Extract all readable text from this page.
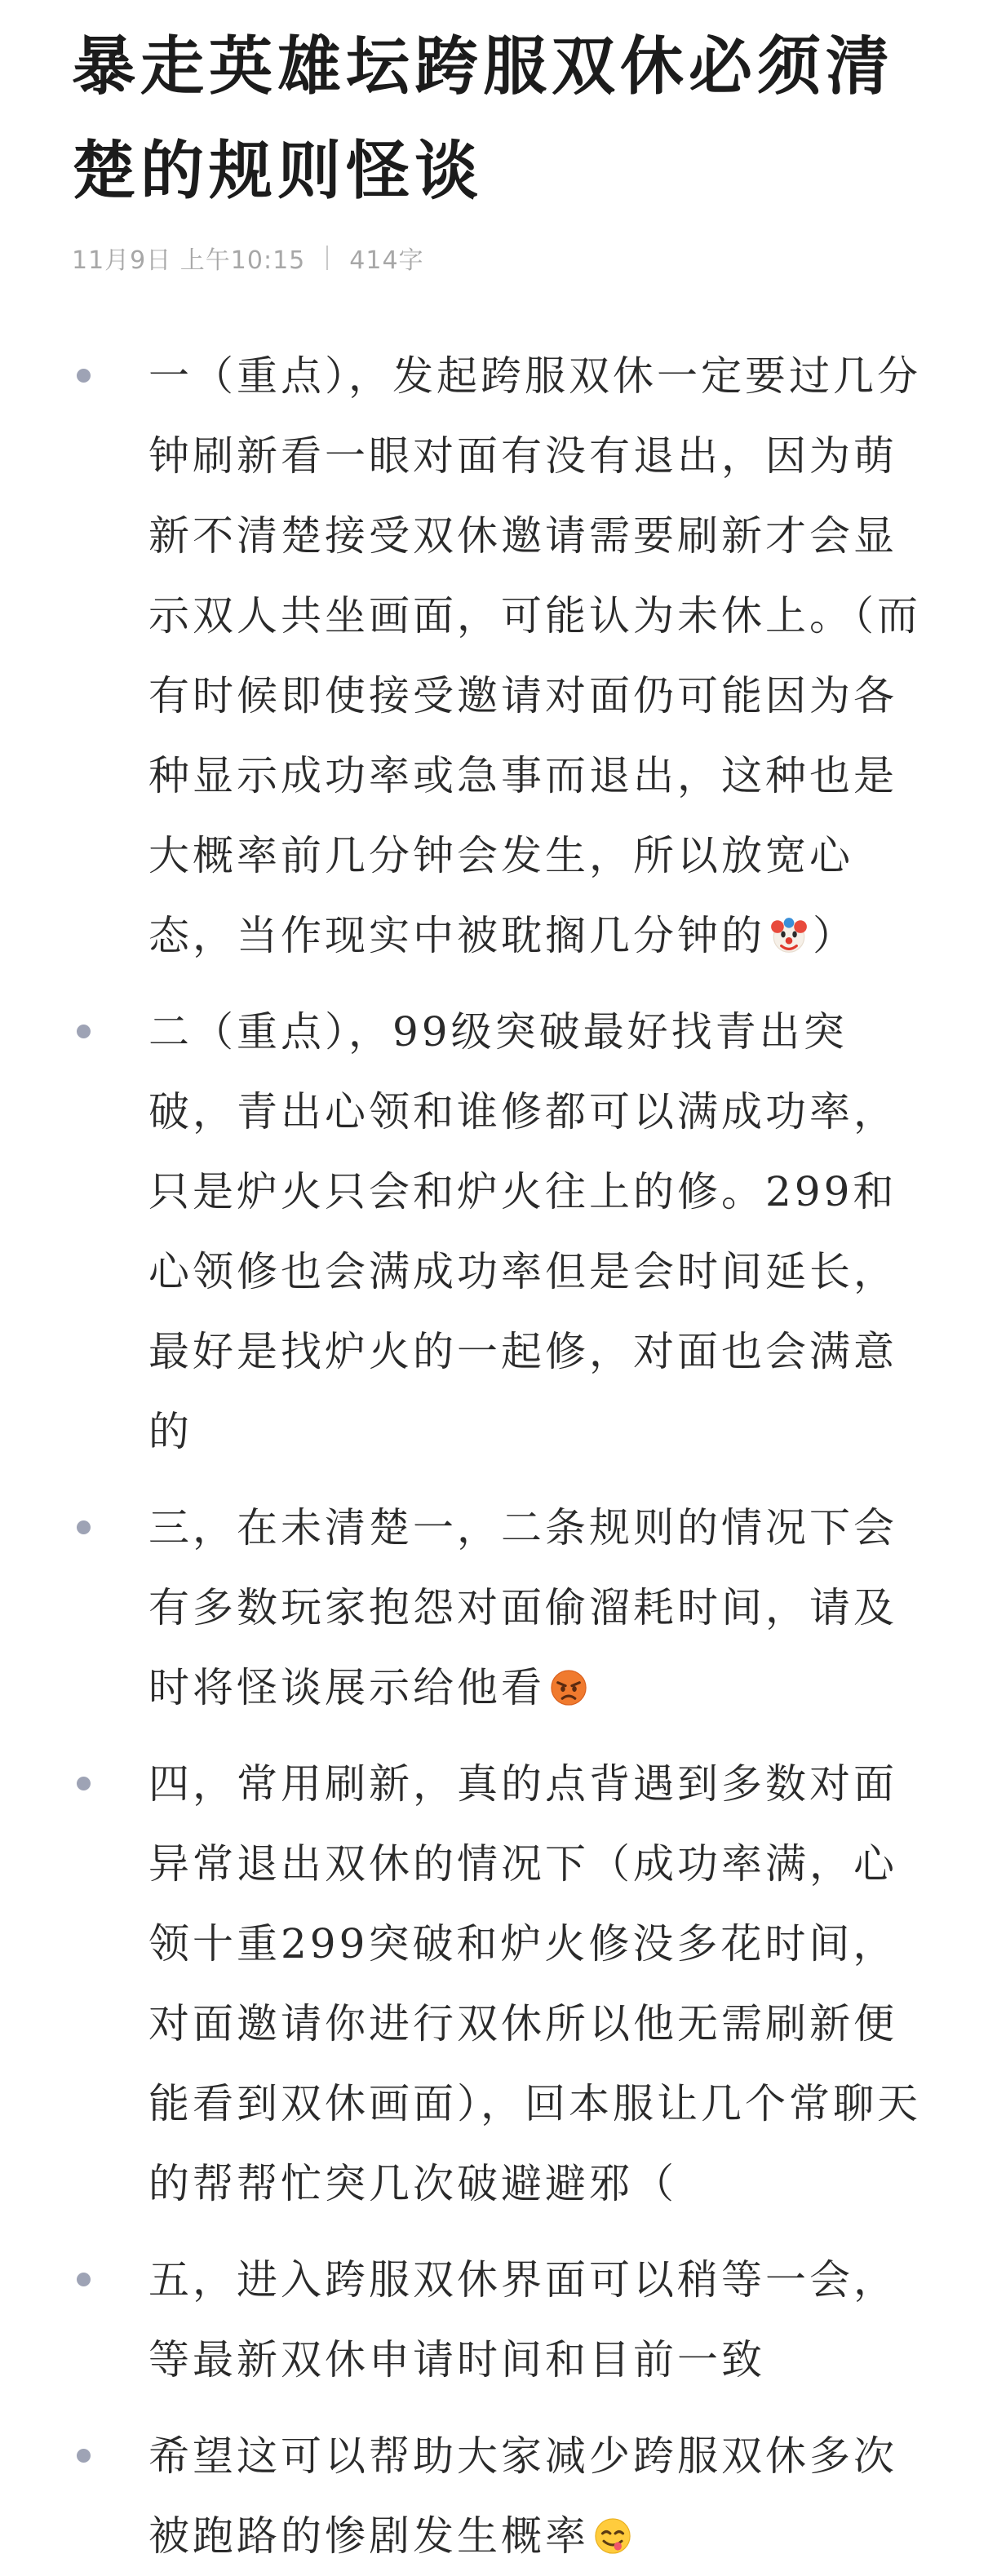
暴走英雄坛跨服双休必须清楚的规则怪谈
11月9日 上午10:15 414字
一（重点），发起跨服双休一定要过几分钟刷新看一眼对面有没有退出，因为萌新不清楚接受双休邀请需要刷新才会显示双人共坐画面，可能认为未休上。（而有时候即使接受邀请对面仍可能因为各种显示成功率或急事而退出，这种也是大概率前几分钟会发生，所以放宽心态，当作现实中被耽搁几分钟的 ）
二（重点），99级突破最好找青出突破，青出心领和谁修都可以满成功率，只是炉火只会和炉火往上的修。299和心领修也会满成功率但是会时间延长，最好是找炉火的一起修，对面也会满意的
三，在未清楚一，二条规则的情况下会有多数玩家抱怨对面偷溜耗时间，请及时将怪谈展示给他看
四，常用刷新，真的点背遇到多数对面异常退出双休的情况下（成功率满，心领十重299突破和炉火修没多花时间，对面邀请你进行双休所以他无需刷新便能看到双休画面），回本服让几个常聊天的帮帮忙突几次破避避邪（
五，进入跨服双休界面可以稍等一会，等最新双休申请时间和目前一致
希望这可以帮助大家减少跨服双休多次被跑路的惨剧发生概率
